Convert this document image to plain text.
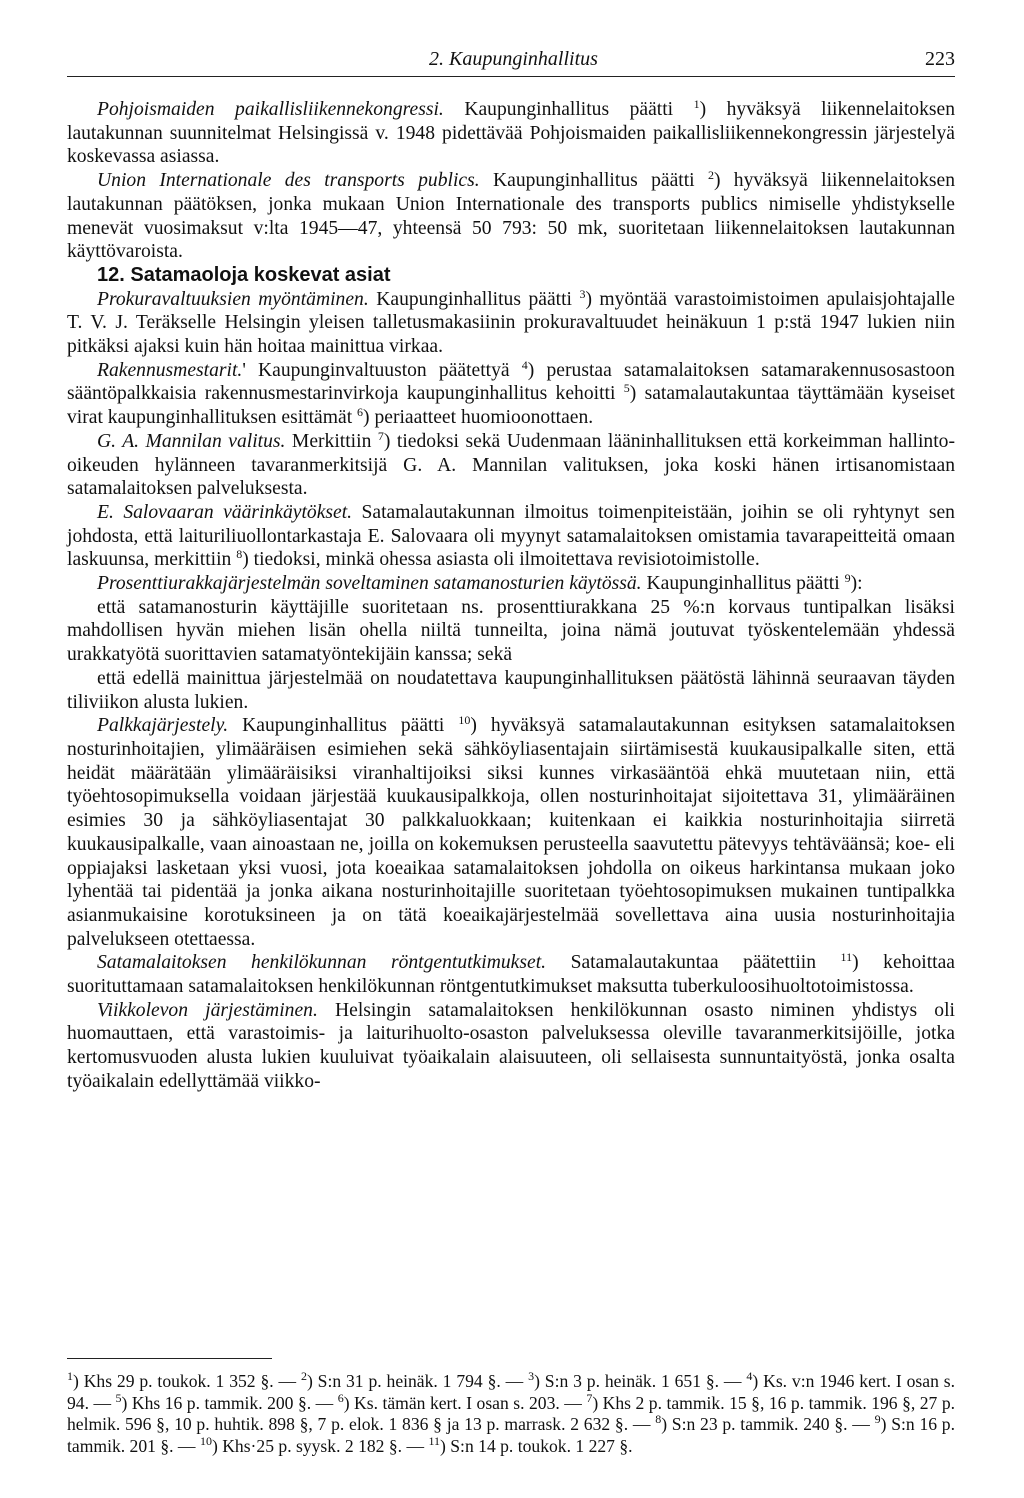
2. Kaupunginhallitus	223

Pohjoismaiden paikallisliikennekongressi. Kaupunginhallitus päätti $^1$) hyväksyä liikennelaitoksen lautakunnan suunnitelmat Helsingissä v. 1948 pidettävää Pohjoismaiden paikallisliikennekongressin järjestelyä koskevassa asiassa.

Union Internationale des transports publics. Kaupunginhallitus päätti $^2$) hyväksyä liikennelaitoksen lautakunnan päätöksen, jonka mukaan Union Internationale des transports publics nimiselle yhdistykselle menevät vuosimaksut v:lta 1945—47, yhteensä 50 793: 50 mk, suoritetaan liikennelaitoksen lautakunnan käyttövaroista.

12. Satamaoloja koskevat asiat

Prokuravaltuuksien myöntäminen. Kaupunginhallitus päätti $^3$) myöntää varastoimistoimen apulaisjohtajalle T. V. J. Teräkselle Helsingin yleisen talletusmakasiinin prokuravaltuudet heinäkuun 1 p:stä 1947 lukien niin pitkäksi ajaksi kuin hän hoitaa mainittua virkaa.

Rakennusmestarit.' Kaupunginvaltuuston päätettyä $^4$) perustaa satamalaitoksen satamarakennusosastoon sääntöpalkkaisia rakennusmestarinvirkoja kaupunginhallitus kehoitti $^5$) satamalautakuntaa täyttämään kyseiset virat kaupunginhallituksen esittämät $^6$) periaatteet huomioonottaen.

G. A. Mannilan valitus. Merkittiin $^7$) tiedoksi sekä Uudenmaan lääninhallituksen että korkeimman hallinto-oikeuden hylänneen tavaranmerkitsijä G. A. Mannilan valituksen, joka koski hänen irtisanomistaan satamalaitoksen palveluksesta.

E. Salovaaran väärinkäytökset. Satamalautakunnan ilmoitus toimenpiteistään, joihin se oli ryhtynyt sen johdosta, että laituriliuollontarkastaja E. Salovaara oli myynyt satamalaitoksen omistamia tavarapeitteitä omaan laskuunsa, merkittiin $^8$) tiedoksi, minkä ohessa asiasta oli ilmoitettava revisiotoimistolle.

Prosenttiurakkajärjestelmän soveltaminen satamanosturien käytössä. Kaupunginhallitus päätti $^9$):

että satamanosturin käyttäjille suoritetaan ns. prosenttiurakkana 25 %:n korvaus tuntipalkan lisäksi mahdollisen hyvän miehen lisän ohella niiltä tunneilta, joina nämä joutuvat työskentelemään yhdessä urakkatyötä suorittavien satamatyöntekijäin kanssa; sekä

että edellä mainittua järjestelmää on noudatettava kaupunginhallituksen päätöstä lähinnä seuraavan täyden tiliviikon alusta lukien.

Palkkajärjestely. Kaupunginhallitus päätti $^{10}$) hyväksyä satamalautakunnan esityksen satamalaitoksen nosturinhoitajien, ylimääräisen esimiehen sekä sähköyliasentajain siirtämisestä kuukausipalkalle siten, että heidät määrätään ylimääräisiksi viranhaltijoiksi siksi kunnes virkasääntöä ehkä muutetaan niin, että työehtosopimuksella voidaan järjestää kuukausipalkkoja, ollen nosturinhoitajat sijoitettava 31, ylimääräinen esimies 30 ja sähköyliasentajat 30 palkkaluokkaan; kuitenkaan ei kaikkia nosturinhoitajia siirretä kuukausipalkalle, vaan ainoastaan ne, joilla on kokemuksen perusteella saavutettu pätevyys tehtäväänsä; koe- eli oppiajaksi lasketaan yksi vuosi, jota koeaikaa satamalaitoksen johdolla on oikeus harkintansa mukaan joko lyhentää tai pidentää ja jonka aikana nosturinhoitajille suoritetaan työehtosopimuksen mukainen tuntipalkka asianmukaisine korotuksineen ja on tätä koeaikajärjestelmää sovellettava aina uusia nosturinhoitajia palvelukseen otettaessa.

Satamalaitoksen henkilökunnan röntgentutkimukset. Satamalautakuntaa päätettiin $^{11}$) kehoittaa suorituttamaan satamalaitoksen henkilökunnan röntgentutkimukset maksutta tuberkuloosihuoltotoimistossa.

Viikkolevon järjestäminen. Helsingin satamalaitoksen henkilökunnan osasto niminen yhdistys oli huomauttaen, että varastoimis- ja laiturihuolto-osaston palveluksessa oleville tavaranmerkitsijöille, jotka kertomusvuoden alusta lukien kuuluivat työaikalain alaisuuteen, oli sellaisesta sunnuntaityöstä, jonka osalta työaikalain edellyttämää viikko-

$^1$) Khs 29 p. toukok. 1 352 §. — $^2$) S:n 31 p. heinäk. 1 794 §. — $^3$) S:n 3 p. heinäk. 1 651 §. — $^4$) Ks. v:n 1946 kert. I osan s. 94. — $^5$) Khs 16 p. tammik. 200 §. — $^6$) Ks. tämän kert. I osan s. 203. — $^7$) Khs 2 p. tammik. 15 §, 16 p. tammik. 196 §, 27 p. helmik. 596 §, 10 p. huhtik. 898 §, 7 p. elok. 1 836 § ja 13 p. marrask. 2 632 §. — $^8$) S:n 23 p. tammik. 240 §. — $^9$) S:n 16 p. tammik. 201 §. — $^{10}$) Khs·25 p. syysk. 2 182 §. — $^{11}$) S:n 14 p. toukok. 1 227 §.
